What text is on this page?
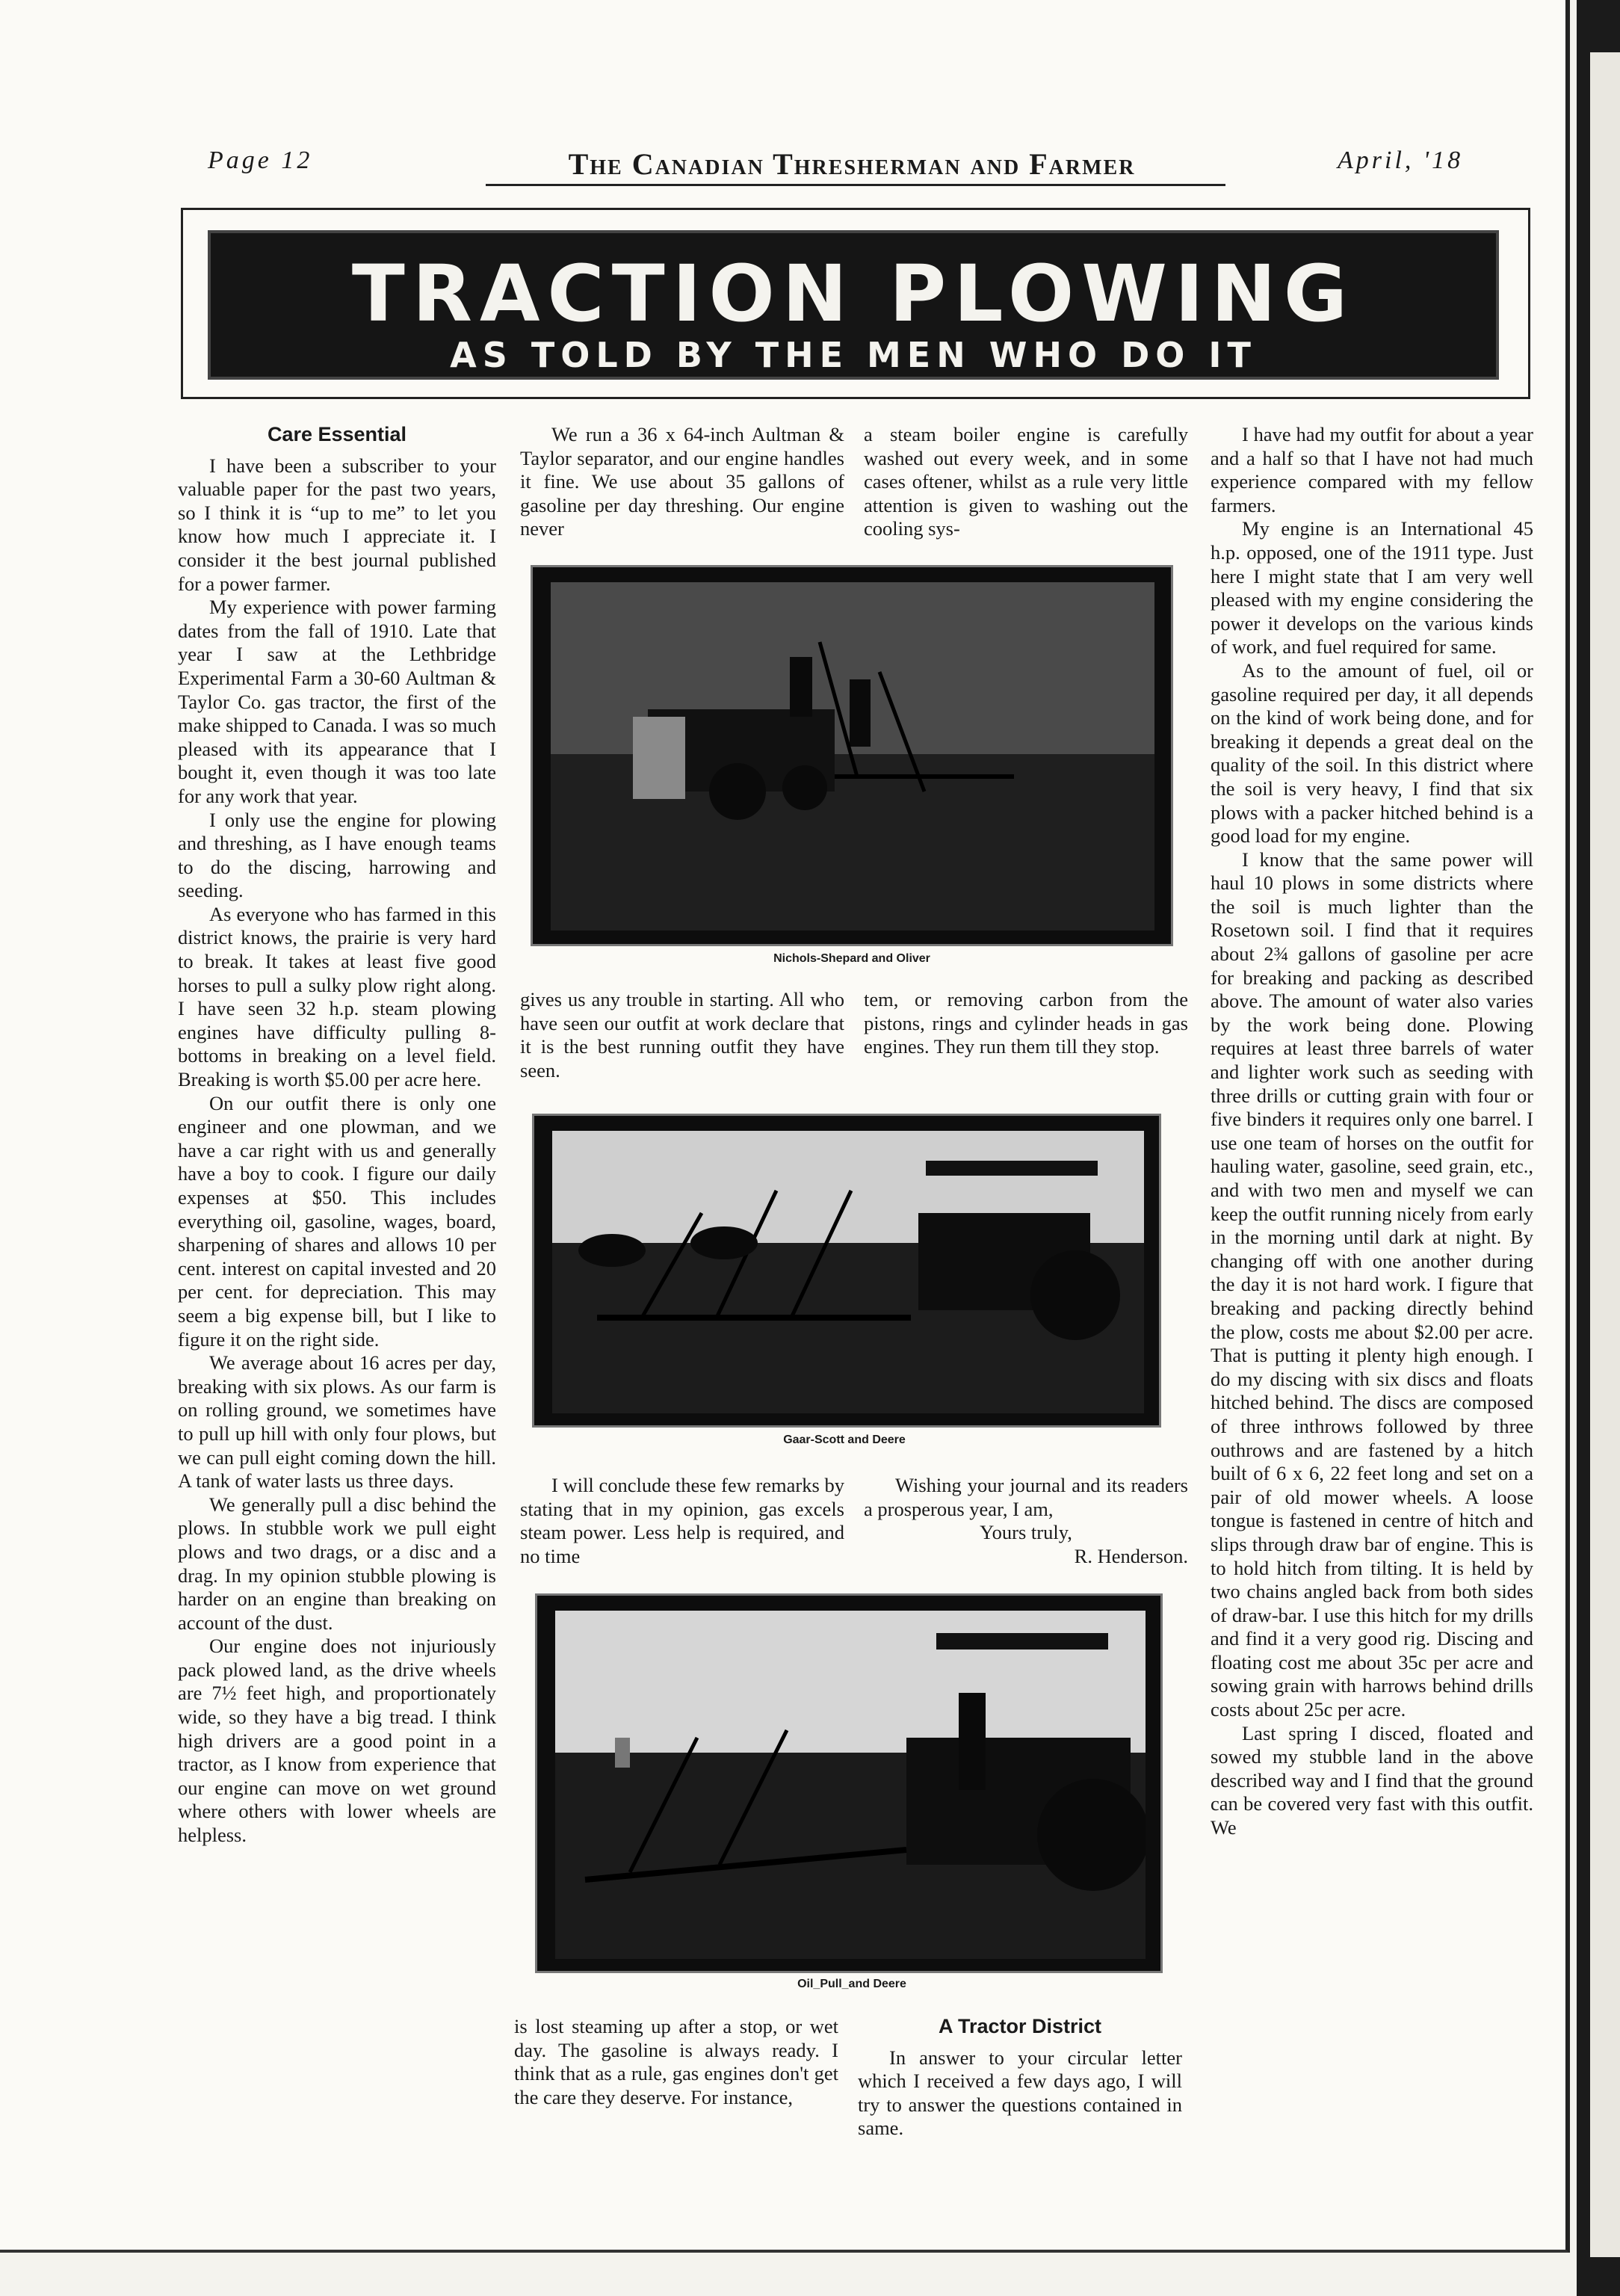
Page 12	The Canadian Thresherman and Farmer	April, '18
TRACTION PLOWING
AS TOLD BY THE MEN WHO DO IT
Care Essential

I have been a subscriber to your valuable paper for the past two years, so I think it is “up to me” to let you know how much I appreciate it. I consider it the best journal published for a power farmer.

My experience with power farming dates from the fall of 1910. Late that year I saw at the Lethbridge Experimental Farm a 30-60 Aultman & Taylor Co. gas tractor, the first of the make shipped to Canada. I was so much pleased with its appearance that I bought it, even though it was too late for any work that year.

I only use the engine for plowing and threshing, as I have enough teams to do the discing, harrowing and seeding.

As everyone who has farmed in this district knows, the prairie is very hard to break. It takes at least five good horses to pull a sulky plow right along. I have seen 32 h.p. steam plowing engines have difficulty pulling 8-bottoms in breaking on a level field. Breaking is worth $5.00 per acre here.

On our outfit there is only one engineer and one plowman, and we have a car right with us and generally have a boy to cook. I figure our daily expenses at $50. This includes everything oil, gasoline, wages, board, sharpening of shares and allows 10 per cent. interest on capital invested and 20 per cent. for depreciation. This may seem a big expense bill, but I like to figure it on the right side.

We average about 16 acres per day, breaking with six plows. As our farm is on rolling ground, we sometimes have to pull up hill with only four plows, but we can pull eight coming down the hill. A tank of water lasts us three days.

We generally pull a disc behind the plows. In stubble work we pull eight plows and two drags, or a disc and a drag. In my opinion stubble plowing is harder on an engine than breaking on account of the dust.

Our engine does not injuriously pack plowed land, as the drive wheels are 7½ feet high, and proportionately wide, so they have a big tread. I think high drivers are a good point in a tractor, as I know from experience that our engine can move on wet ground where others with lower wheels are helpless.

We run a 36 x 64-inch Aultman & Taylor separator, and our engine handles it fine. We use about 35 gallons of gasoline per day threshing. Our engine never

a steam boiler engine is carefully washed out every week, and in some cases oftener, whilst as a rule very little attention is given to washing out the cooling sys-

Nichols-Shepard and Oliver

gives us any trouble in starting. All who have seen our outfit at work declare that it is the best running outfit they have seen.

tem, or removing carbon from the pistons, rings and cylinder heads in gas engines. They run them till they stop.

Gaar-Scott and Deere

I will conclude these few remarks by stating that in my opinion, gas excels steam power. Less help is required, and no time

Wishing your journal and its readers a prosperous year, I am,

Yours truly,
R. Henderson.
Oil_Pull_and Deere

is lost steaming up after a stop, or wet day. The gasoline is always ready. I think that as a rule, gas engines don't get the care they deserve. For instance,

A Tractor District

In answer to your circular letter which I received a few days ago, I will try to answer the questions contained in same.

I have had my outfit for about a year and a half so that I have not had much experience compared with my fellow farmers.

My engine is an International 45 h.p. opposed, one of the 1911 type. Just here I might state that I am very well pleased with my engine considering the power it develops on the various kinds of work, and fuel required for same.

As to the amount of fuel, oil or gasoline required per day, it all depends on the kind of work being done, and for breaking it depends a great deal on the quality of the soil. In this district where the soil is very heavy, I find that six plows with a packer hitched behind is a good load for my engine.

I know that the same power will haul 10 plows in some districts where the soil is much lighter than the Rosetown soil. I find that it requires about 2¾ gallons of gasoline per acre for breaking and packing as described above. The amount of water also varies by the work being done. Plowing requires at least three barrels of water and lighter work such as seeding with three drills or cutting grain with four or five binders it requires only one barrel. I use one team of horses on the outfit for hauling water, gasoline, seed grain, etc., and with two men and myself we can keep the outfit running nicely from early in the morning until dark at night. By changing off with one another during the day it is not hard work. I figure that breaking and packing directly behind the plow, costs me about $2.00 per acre. That is putting it plenty high enough. I do my discing with six discs and floats hitched behind. The discs are composed of three inthrows followed by three outhrows and are fastened by a hitch built of 6 x 6, 22 feet long and set on a pair of old mower wheels. A loose tongue is fastened in centre of hitch and slips through draw bar of engine. This is to hold hitch from tilting. It is held by two chains angled back from both sides of draw-bar. I use this hitch for my drills and find it a very good rig. Discing and floating cost me about 35c per acre and sowing grain with harrows behind drills costs about 25c per acre.

Last spring I disced, floated and sowed my stubble land in the above described way and I find that the ground can be covered very fast with this outfit. We
